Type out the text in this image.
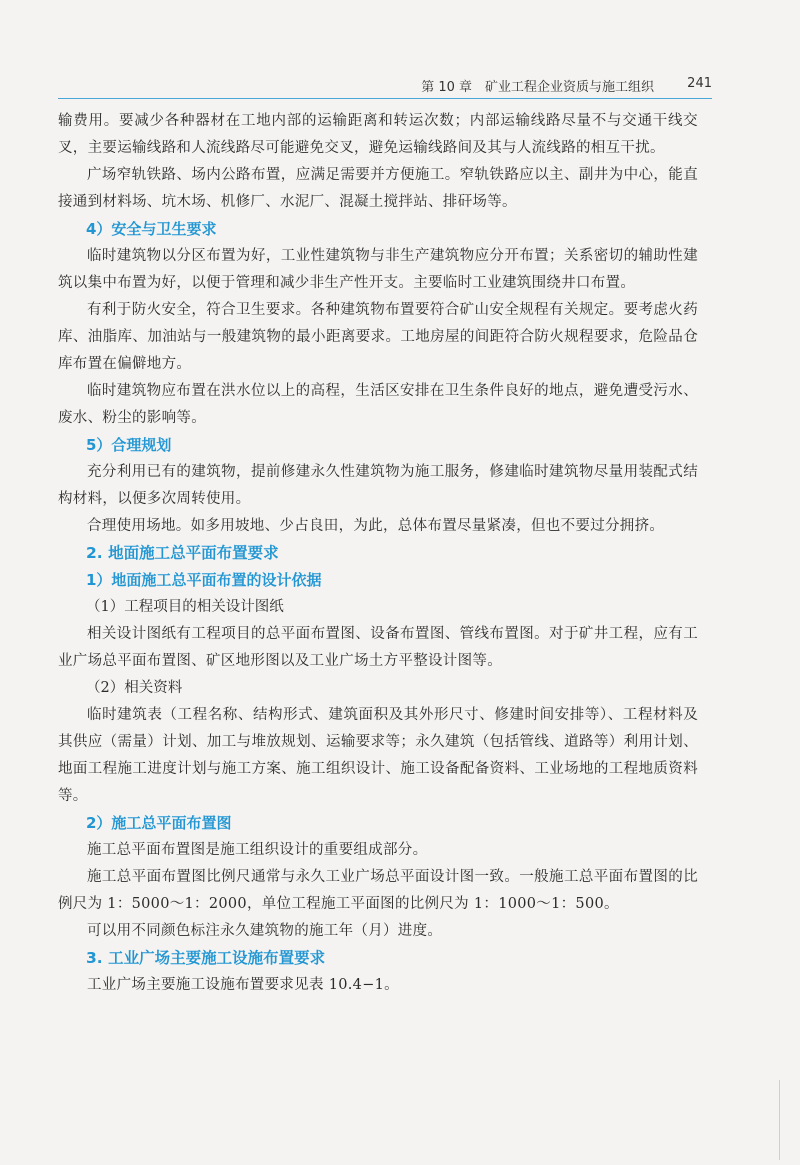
第 10 章　矿业工程企业资质与施工组织	241

输费用。要减少各种器材在工地内部的运输距离和转运次数；内部运输线路尽量不与交通干线交叉，主要运输线路和人流线路尽可能避免交叉，避免运输线路间及其与人流线路的相互干扰。

广场窄轨铁路、场内公路布置，应满足需要并方便施工。窄轨铁路应以主、副井为中心，能直接通到材料场、坑木场、机修厂、水泥厂、混凝土搅拌站、排矸场等。

4）安全与卫生要求

临时建筑物以分区布置为好，工业性建筑物与非生产建筑物应分开布置；关系密切的辅助性建筑以集中布置为好，以便于管理和减少非生产性开支。主要临时工业建筑围绕井口布置。

有利于防火安全，符合卫生要求。各种建筑物布置要符合矿山安全规程有关规定。要考虑火药库、油脂库、加油站与一般建筑物的最小距离要求。工地房屋的间距符合防火规程要求，危险品仓库布置在偏僻地方。

临时建筑物应布置在洪水位以上的高程，生活区安排在卫生条件良好的地点，避免遭受污水、废水、粉尘的影响等。

5）合理规划

充分利用已有的建筑物，提前修建永久性建筑物为施工服务，修建临时建筑物尽量用装配式结构材料，以便多次周转使用。

合理使用场地。如多用坡地、少占良田，为此，总体布置尽量紧凑，但也不要过分拥挤。

2. 地面施工总平面布置要求
1）地面施工总平面布置的设计依据

（1）工程项目的相关设计图纸

相关设计图纸有工程项目的总平面布置图、设备布置图、管线布置图。对于矿井工程，应有工业广场总平面布置图、矿区地形图以及工业广场土方平整设计图等。

（2）相关资料

临时建筑表（工程名称、结构形式、建筑面积及其外形尺寸、修建时间安排等）、工程材料及其供应（需量）计划、加工与堆放规划、运输要求等；永久建筑（包括管线、道路等）利用计划、地面工程施工进度计划与施工方案、施工组织设计、施工设备配备资料、工业场地的工程地质资料等。

2）施工总平面布置图

施工总平面布置图是施工组织设计的重要组成部分。

施工总平面布置图比例尺通常与永久工业广场总平面设计图一致。一般施工总平面布置图的比例尺为 1：5000～1：2000，单位工程施工平面图的比例尺为 1：1000～1：500。

可以用不同颜色标注永久建筑物的施工年（月）进度。

3. 工业广场主要施工设施布置要求

工业广场主要施工设施布置要求见表 10.4−1。
